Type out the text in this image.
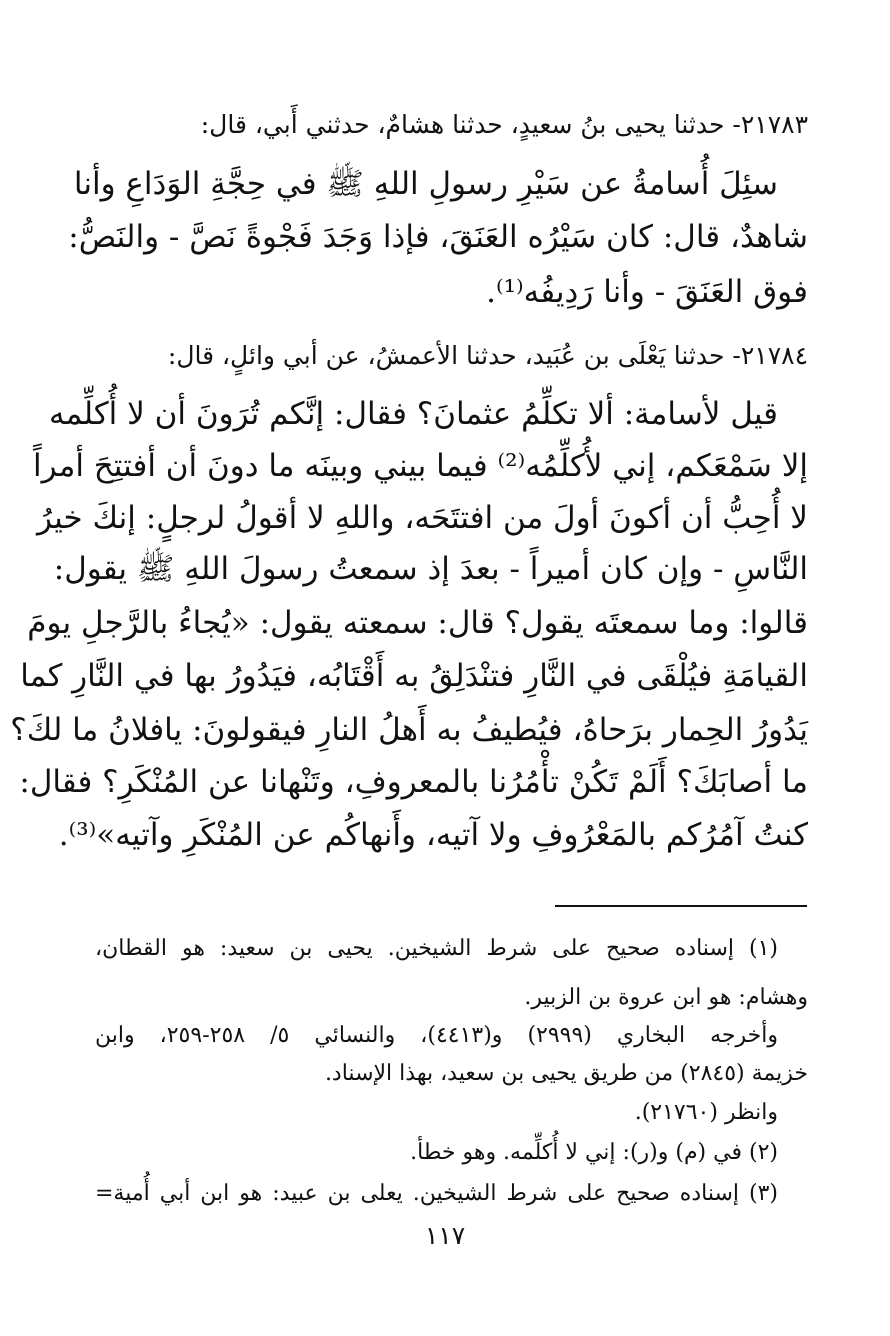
٢١٧٨٣- حدثنا يحيى بنُ سعيدٍ، حدثنا هشامٌ، حدثني أَبي، قال:

سئِلَ أُسامةُ عن سَيْرِ رسولِ اللهِ ﷺ في حِجَّةِ الوَدَاعِ وأنا

شاهدٌ، قال: كان سَيْرُه العَنَقَ، فإذا وَجَدَ فَجْوةً نَصَّ - والنَصُّ:

فوق العَنَقَ - وأنا رَدِيفُه⁽¹⁾.

٢١٧٨٤- حدثنا يَعْلَى بن عُبَيد، حدثنا الأعمشُ، عن أبي وائلٍ، قال:

قيل لأسامة: ألا تكلِّمُ عثمانَ؟ فقال: إنَّكم تُرَونَ أن لا أُكلِّمه

إلا سَمْعَكم، إني لأُكلِّمُه⁽²⁾ فيما بيني وبينَه ما دونَ أن أفتتِحَ أمراً

لا أُحِبُّ أن أكونَ أولَ من افتتَحَه، واللهِ لا أقولُ لرجلٍ: إنكَ خيرُ

النَّاسِ - وإن كان أميراً - بعدَ إذ سمعتُ رسولَ اللهِ ﷺ يقول:

قالوا: وما سمعتَه يقول؟ قال: سمعته يقول: «يُجاءُ بالرَّجلِ يومَ

القيامَةِ فيُلْقَى في النَّارِ فتنْدَلِقُ به أَقْتَابُه، فيَدُورُ بها في النَّارِ كما

يَدُورُ الحِمار برَحاهُ، فيُطيفُ به أَهلُ النارِ فيقولونَ: يافلانُ ما لكَ؟

ما أصابَكَ؟ أَلَمْ تَكُنْ تأْمُرُنا بالمعروفِ، وتَنْهانا عن المُنْكَرِ؟ فقال:

كنتُ آمُرُكم بالمَعْرُوفِ ولا آتيه، وأَنهاكُم عن المُنْكَرِ وآتيه»⁽³⁾.

(١) إسناده صحيح على شرط الشيخين. يحيى بن سعيد: هو القطان،

وهشام: هو ابن عروة بن الزبير.

وأخرجه البخاري (٢٩٩٩) و(٤٤١٣)، والنسائي ٥/ ٢٥٨-٢٥٩، وابن

خزيمة (٢٨٤٥) من طريق يحيى بن سعيد، بهذا الإسناد.

وانظر (٢١٧٦٠).

(٢) في (م) و(ر): إني لا أُكلِّمه. وهو خطأ.

(٣) إسناده صحيح على شرط الشيخين. يعلى بن عبيد: هو ابن أبي أُمية=

١١٧
